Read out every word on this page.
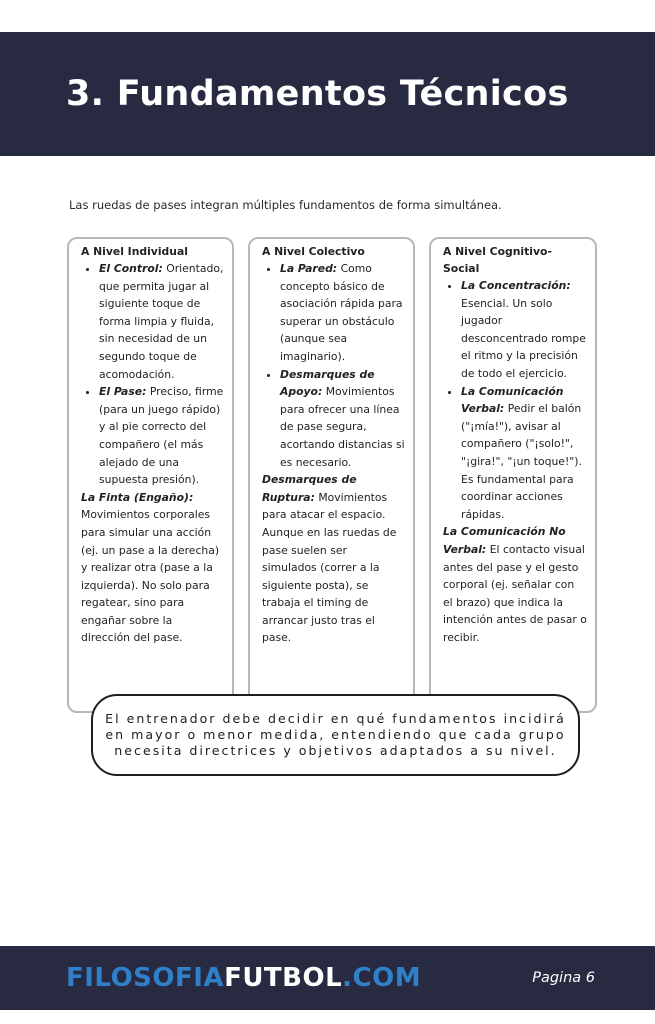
3. Fundamentos Técnicos
Las ruedas de pases integran múltiples fundamentos de forma simultánea.

A Nivel Individual

• El Control: Orientado, que permita jugar al siguiente toque de forma limpia y fluida, sin necesidad de un segundo toque de acomodación.
• El Pase: Preciso, firme (para un juego rápido) y al pie correcto del compañero (el más alejado de una supuesta presión).

La Finta (Engaño): Movimientos corporales para simular una acción (ej. un pase a la derecha) y realizar otra (pase a la izquierda). No solo para regatear, sino para engañar sobre la dirección del pase.

A Nivel Colectivo

• La Pared: Como concepto básico de asociación rápida para superar un obstáculo (aunque sea imaginario).
• Desmarques de Apoyo: Movimientos para ofrecer una línea de pase segura, acortando distancias si es necesario.

Desmarques de Ruptura: Movimientos para atacar el espacio. Aunque en las ruedas de pase suelen ser simulados (correr a la siguiente posta), se trabaja el timing de arrancar justo tras el pase.

A Nivel Cognitivo-Social

• La Concentración: Esencial. Un solo jugador desconcentrado rompe el ritmo y la precisión de todo el ejercicio.
• La Comunicación Verbal: Pedir el balón ("¡mía!"), avisar al compañero ("¡solo!", "¡gira!", "¡un toque!"). Es fundamental para coordinar acciones rápidas.

La Comunicación No Verbal: El contacto visual antes del pase y el gesto corporal (ej. señalar con el brazo) que indica la intención antes de pasar o recibir.

El entrenador debe decidir en qué fundamentos incidirá en mayor o menor medida, entendiendo que cada grupo necesita directrices y objetivos adaptados a su nivel.
FILOSOFIAFUTBOL.COM	Pagina 6
